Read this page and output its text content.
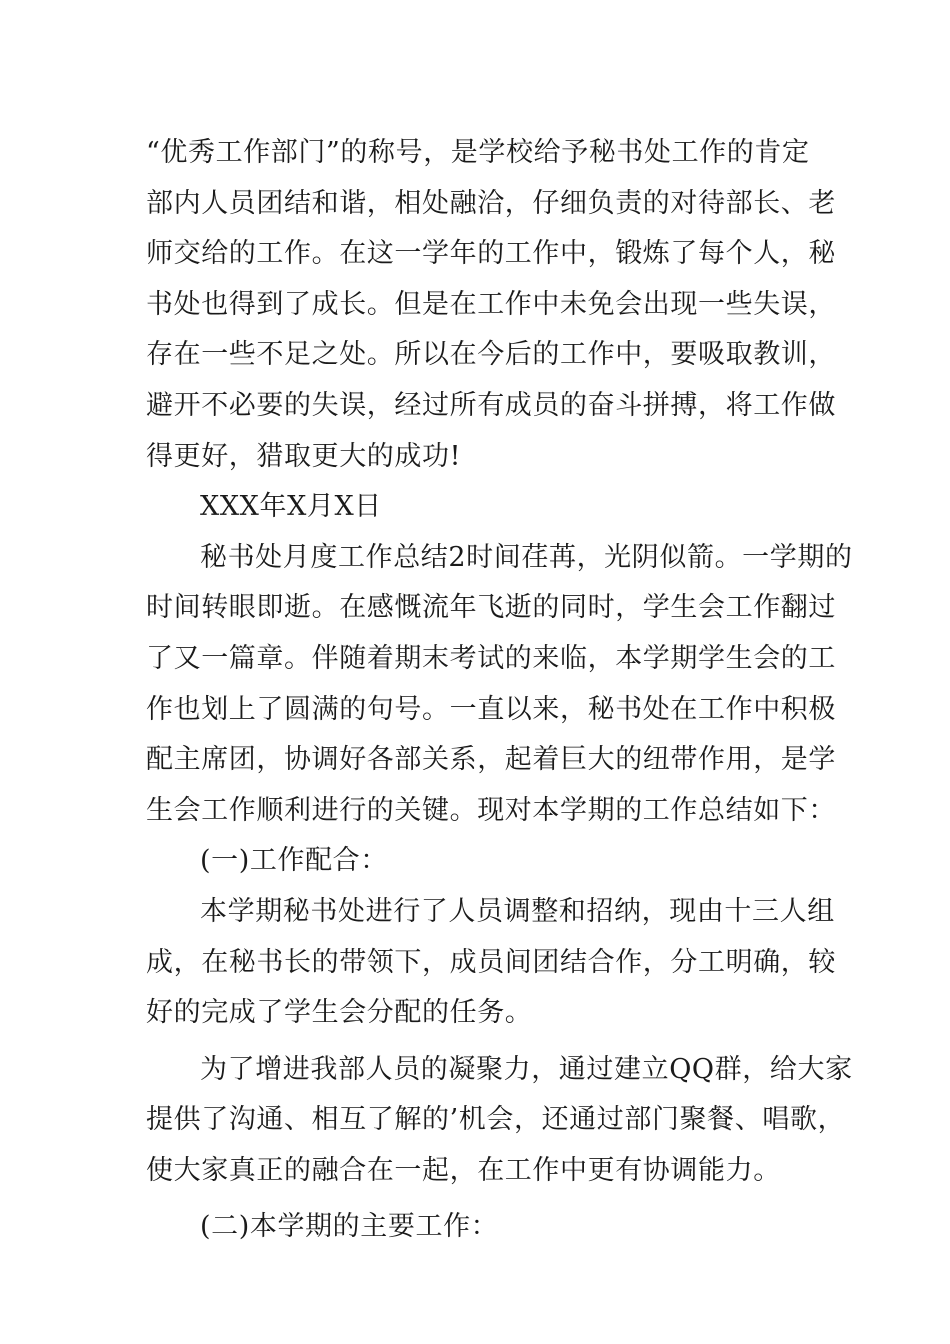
“优秀工作部门”的称号，是学校给予秘书处工作的肯定
部内人员团结和谐，相处融洽，仔细负责的对待部长、老
师交给的工作。在这一学年的工作中，锻炼了每个人，秘
书处也得到了成长。但是在工作中未免会出现一些失误，
存在一些不足之处。所以在今后的工作中，要吸取教训，
避开不必要的失误，经过所有成员的奋斗拼搏，将工作做
得更好，猎取更大的成功!
XXX年X月X日
秘书处月度工作总结2时间荏苒，光阴似箭。一学期的
时间转眼即逝。在感慨流年飞逝的同时，学生会工作翻过
了又一篇章。伴随着期末考试的来临，本学期学生会的工
作也划上了圆满的句号。一直以来，秘书处在工作中积极
配主席团，协调好各部关系，起着巨大的纽带作用，是学
生会工作顺利进行的关键。现对本学期的工作总结如下：
(一)工作配合：
本学期秘书处进行了人员调整和招纳，现由十三人组
成，在秘书长的带领下，成员间团结合作，分工明确，较
好的完成了学生会分配的任务。
为了增进我部人员的凝聚力，通过建立QQ群，给大家
提供了沟通、相互了解的’机会，还通过部门聚餐、唱歌，
使大家真正的融合在一起，在工作中更有协调能力。
(二)本学期的主要工作：
